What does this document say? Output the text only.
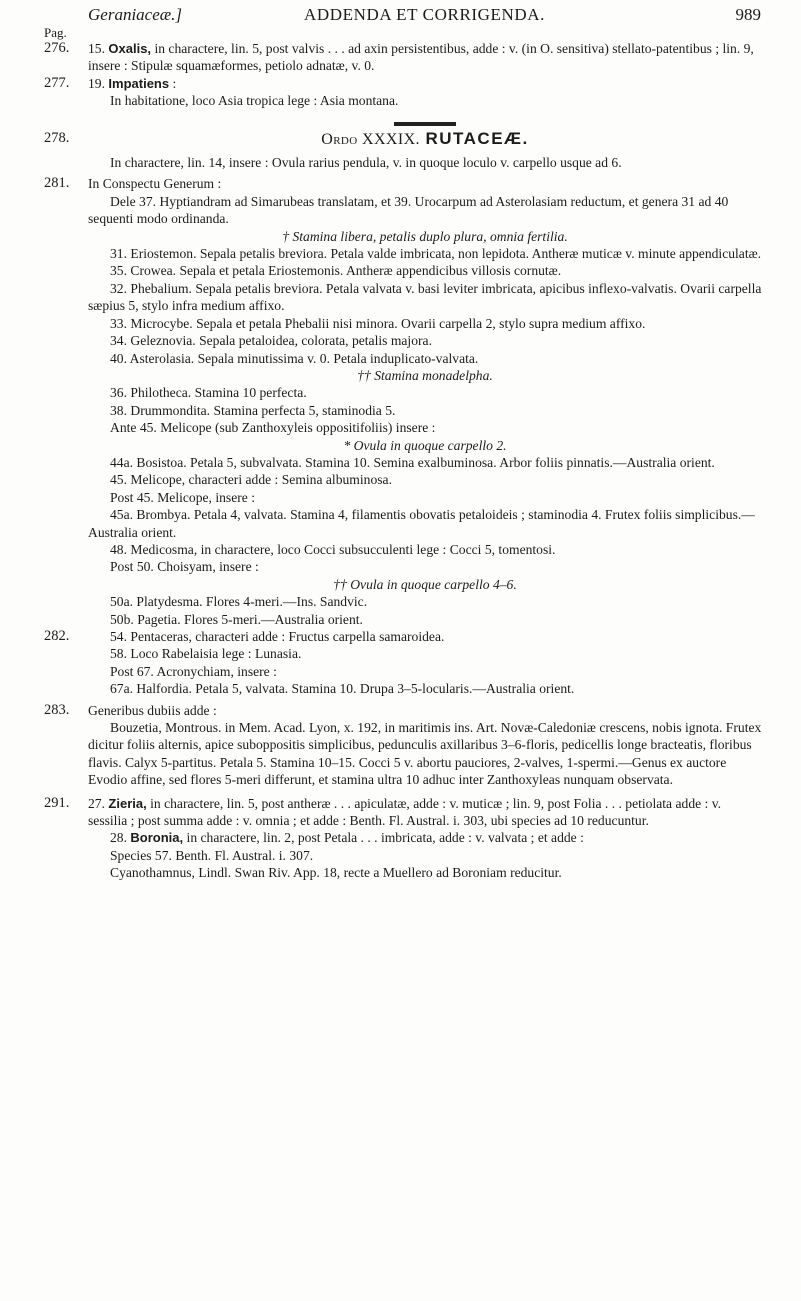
Geraniaceæ.]	ADDENDA ET CORRIGENDA.	989
Pag.
276. 15. Oxalis, in charactere, lin. 5, post valvis . . . ad axin persistentibus, adde : v. (in O. sensitiva) stellato-patentibus ; lin. 9, insere : Stipulæ squamæformes, petiolo adnatæ, v. 0.

277. 19. Impatiens :

In habitatione, loco Asia tropica lege : Asia montana.

278.	Ordo XXXIX. RUTACEÆ.

In charactere, lin. 14, insere : Ovula rarius pendula, v. in quoque loculo v. carpello usque ad 6.

281. In Conspectu Generum :

Dele 37. Hyptiandram ad Simarubeas translatam, et 39. Urocarpum ad Asterolasiam reductum, et genera 31 ad 40 sequenti modo ordinanda.

† Stamina libera, petalis duplo plura, omnia fertilia.

31. Eriostemon. Sepala petalis breviora. Petala valde imbricata, non lepidota. Antheræ muticæ v. minute appendiculatæ.

35. Crowea. Sepala et petala Eriostemonis. Antheræ appendicibus villosis cornutæ.

32. Phebalium. Sepala petalis breviora. Petala valvata v. basi leviter imbricata, apicibus inflexo-valvatis. Ovarii carpella sæpius 5, stylo infra medium affixo.

33. Microcybe. Sepala et petala Phebalii nisi minora. Ovarii carpella 2, stylo supra medium affixo.

34. Geleznovia. Sepala petaloidea, colorata, petalis majora.

40. Asterolasia. Sepala minutissima v. 0. Petala induplicato-valvata.

†† Stamina monadelpha.

36. Philotheca. Stamina 10 perfecta.

38. Drummondita. Stamina perfecta 5, staminodia 5.

Ante 45. Melicope (sub Zanthoxyleis oppositifoliis) insere :

* Ovula in quoque carpello 2.

44a. Bosistoa. Petala 5, subvalvata. Stamina 10. Semina exalbuminosa. Arbor foliis pinnatis.—Australia orient.

45. Melicope, characteri adde : Semina albuminosa.

Post 45. Melicope, insere :

45a. Brombya. Petala 4, valvata. Stamina 4, filamentis obovatis petaloideis ; staminodia 4. Frutex foliis simplicibus.—Australia orient.

48. Medicosma, in charactere, loco Cocci subsucculenti lege : Cocci 5, tomentosi.

Post 50. Choisyam, insere :

†† Ovula in quoque carpello 4–6.

50a. Platydesma. Flores 4-meri.—Ins. Sandvic.

50b. Pagetia. Flores 5-meri.—Australia orient.

282.	54. Pentaceras, characteri adde : Fructus carpella samaroidea.

58. Loco Rabelaisia lege : Lunasia.

Post 67. Acronychiam, insere :

67a. Halfordia. Petala 5, valvata. Stamina 10. Drupa 3–5-locularis.—Australia orient.

283. Generibus dubiis adde :

Bouzetia, Montrous. in Mem. Acad. Lyon, x. 192, in maritimis ins. Art. Novæ-Caledoniæ crescens, nobis ignota. Frutex dicitur foliis alternis, apice suboppositis simplicibus, pedunculis axillaribus 3–6-floris, pedicellis longe bracteatis, floribus flavis. Calyx 5-partitus. Petala 5. Stamina 10–15. Cocci 5 v. abortu pauciores, 2-valves, 1-spermi.—Genus ex auctore Evodio affine, sed flores 5-meri differunt, et stamina ultra 10 adhuc inter Zanthoxyleas nunquam observata.

291. 27. Zieria, in charactere, lin. 5, post antheræ . . . apiculatæ, adde : v. muticæ ; lin. 9, post Folia . . . petiolata adde : v. sessilia ; post summa adde : v. omnia ; et adde : Benth. Fl. Austral. i. 303, ubi species ad 10 reducuntur.

28. Boronia, in charactere, lin. 2, post Petala . . . imbricata, adde : v. valvata ; et adde :

Species 57. Benth. Fl. Austral. i. 307.

Cyanothamnus, Lindl. Swan Riv. App. 18, recte a Muellero ad Boroniam reducitur.
